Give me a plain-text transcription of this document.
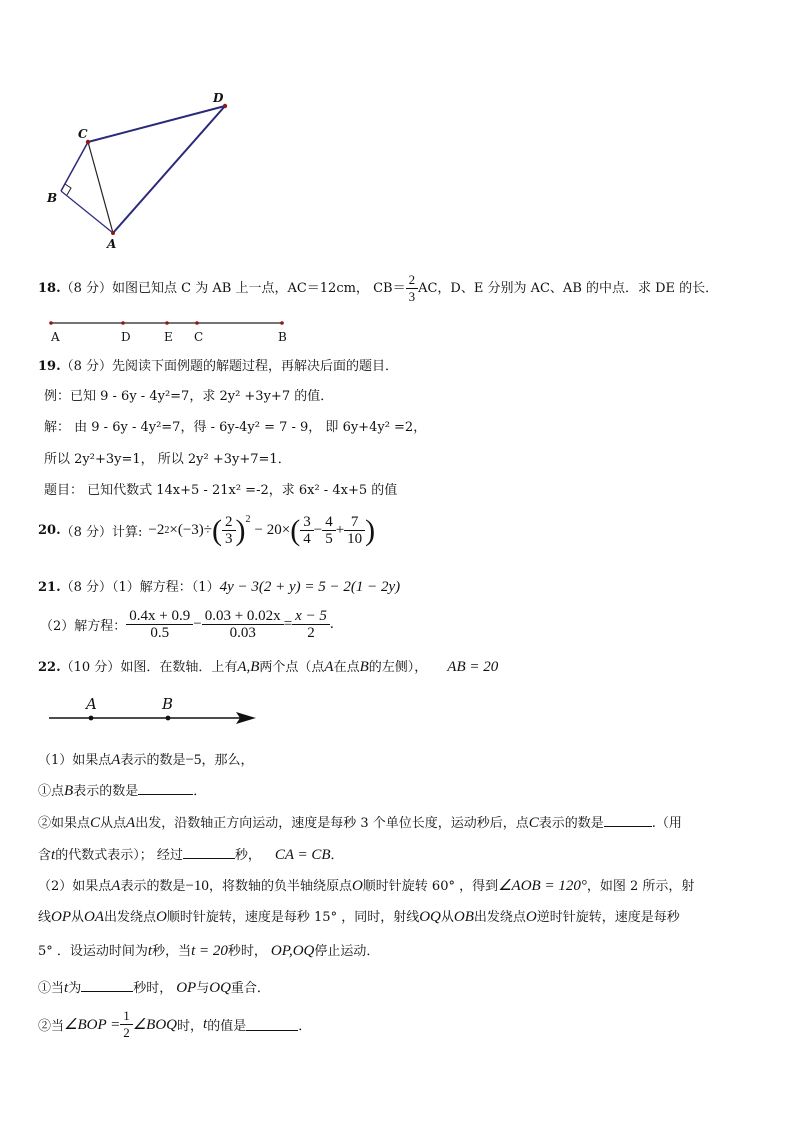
D
C
B
A
18.（8 分）如图已知点 C 为 AB 上一点，AC＝12cm， $CB= \frac{2}{3}$ AC，D、E 分别为 AC、AB 的中点．求 DE 的长．
A	D	E C	B
19.（8 分）先阅读下面例题的解题过程，再解决后面的题目．
例：已知 9 - 6y - 4y²=7，求 2y² +3y+7 的值．
解： 由 9 - 6y - 4y²=7，得 - 6y-4y² = 7 - 9， 即 6y+4y² =2，
所以 2y²+3y=1， 所以 2y² +3y+7=1．
题目： 已知代数式 14x+5 - 21x² =-2，求 6x² - 4x+5 的值
20. （8 分） 计算: −2 2 ×(−3)÷ ( $\frac{2}{3} )^2$
− 20× ( $\frac{3}{4} - \frac{4}{5} + \frac{7}{10}$ )
21.（8 分）（1）解方程：（1）4y − 3(2 + y) = 5 − 2(1 − 2y)
（2）解方程： $\frac{0.4x + 0.9}{0.5} - \frac{0.03 + 0.02x}{0.03} = \frac{x - 5}{2}$ .
22.（10 分）如图．在数轴．上有A,B两个点（点A在点B的左侧）， AB = 20
A	B
（1）如果点A表示的数是−5，那么，
①点B表示的数是	．
②如果点C从点A出发，沿数轴正方向运动，速度是每秒 3 个单位长度，运动秒后，点C表示的数是	.（用
含t的代数式表示）； 经过	秒， CA = CB．
（2）如果点A表示的数是−10，将数轴的负半轴绕原点O顺时针旋转 60° ，得到∠AOB = 120°，如图 2 所示，射
线OP从OA出发绕点O顺时针旋转，速度是每秒 15° ，同时，射线OQ从OB出发绕点O逆时针旋转，速度是每秒
5° ．设运动时间为t秒，当t = 20秒时， OP,OQ停止运动．
①当t为	秒时， OP与OQ重合．
②当 ∠BOP = $\frac{1}{2}$ ∠BOQ 时， t 的值是	．
